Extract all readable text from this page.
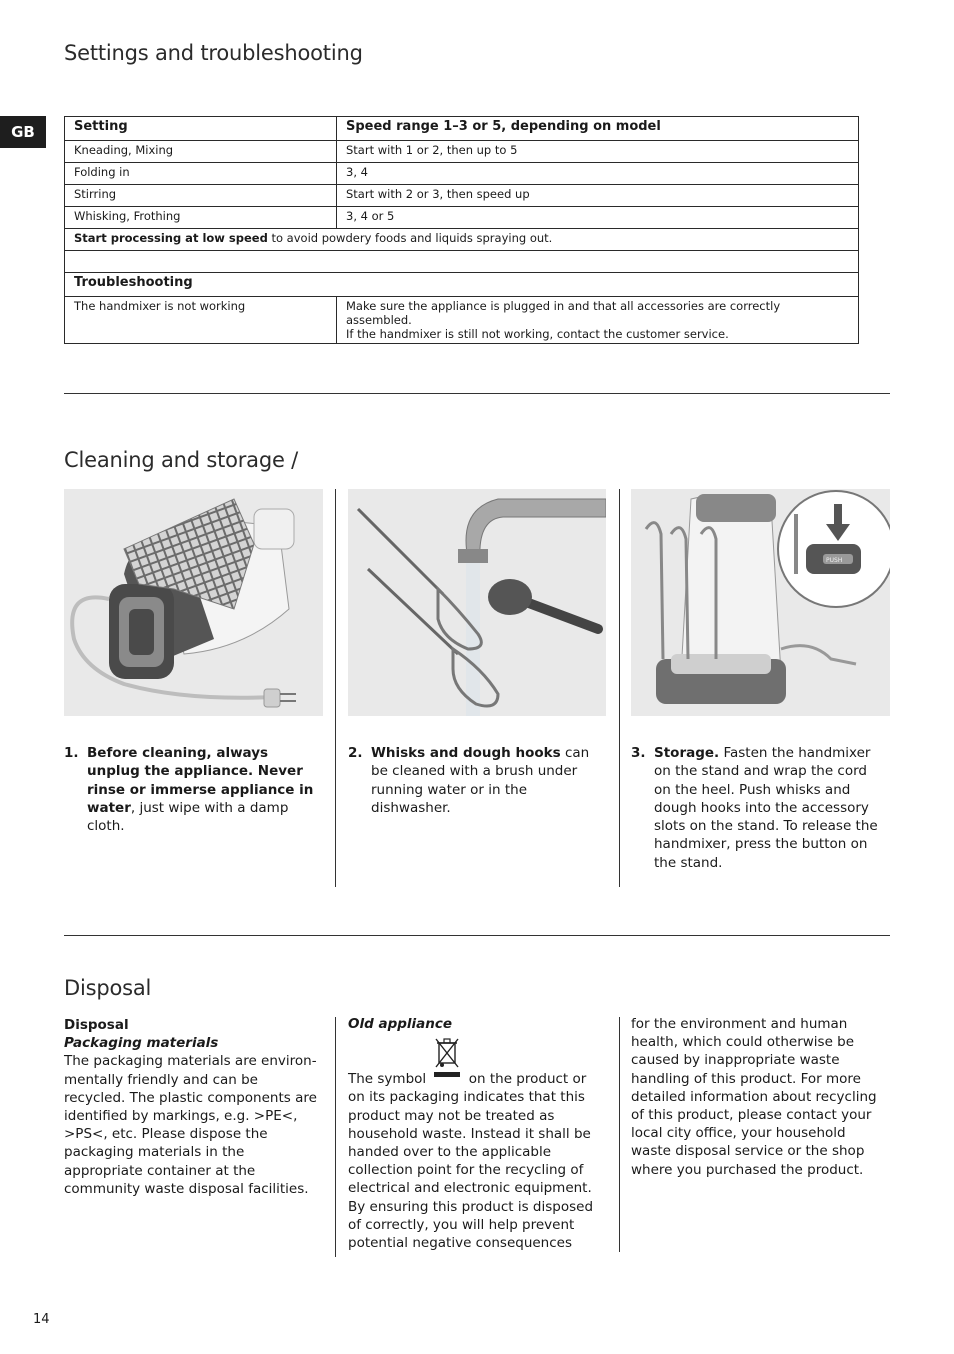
Settings and troubleshooting
GB	Setting	Speed range 1–3 or 5, depending on model
Kneading, Mixing	Start with 1 or 2, then up to 5
Folding in	3, 4
Stirring	Start with 2 or 3, then speed up
Whisking, Frothing	3, 4 or 5
Start processing at low speed to avoid powdery foods and liquids spraying out.	

Troubleshooting	
The handmixer is not working	Make sure the appliance is plugged in and that all accessories are correctly assembled.
If the handmixer is still not working, contact the customer service.
Cleaning and storage /
PUSH
1. Before cleaning, always unplug the appliance. Never rinse or immerse appliance in water, just wipe with a damp cloth.
2. Whisks and dough hooks can be cleaned with a brush under running water or in the dishwasher.
3. Storage. Fasten the handmixer on the stand and wrap the cord on the heel. Push whisks and dough hooks into the accessory slots on the stand. To release the handmixer, press the button on the stand.
Disposal
Disposal
Packaging materials
The packaging materials are environ-mentally friendly and can be recycled. The plastic components are identified by markings, e.g. >PE<, >PS<, etc. Please dispose the packaging materials in the appropriate container at the community waste disposal facilities.
Old appliance
The symbol	on the product or on its packaging indicates that this product may not be treated as household waste. Instead it shall be handed over to the applicable collection point for the recycling of electrical and electronic equipment. By ensuring this product is disposed of correctly, you will help prevent potential negative consequences
for the environment and human health, which could otherwise be caused by inappropriate waste handling of this product. For more detailed information about recycling of this product, please contact your local city office, your household waste disposal service or the shop where you purchased the product.
14
